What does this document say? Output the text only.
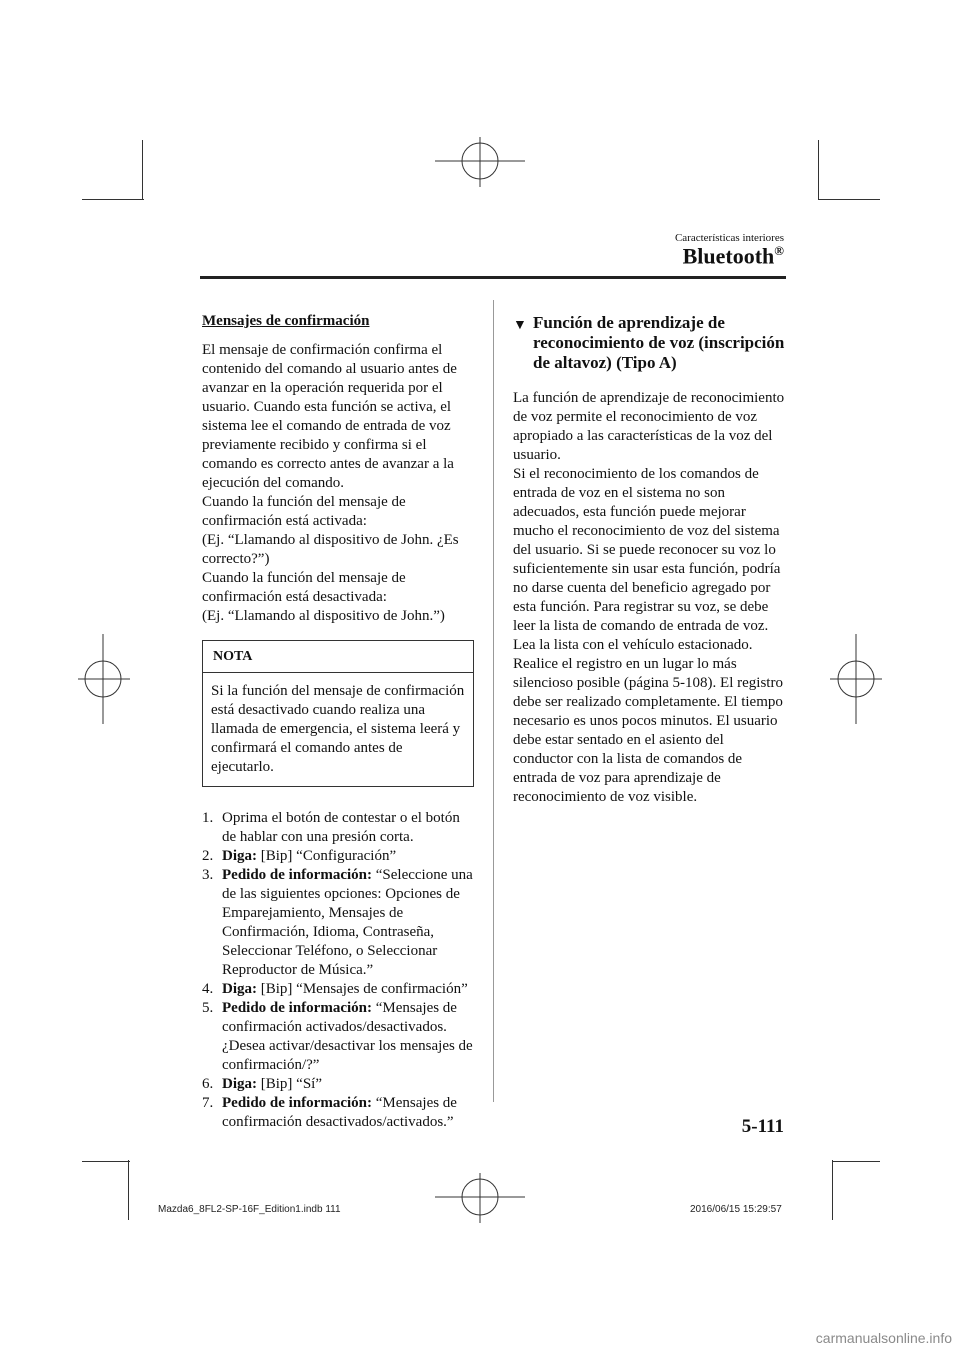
Características interiores
Bluetooth®
Mensajes de confirmación

El mensaje de confirmación confirma el contenido del comando al usuario antes de avanzar en la operación requerida por el usuario. Cuando esta función se activa, el sistema lee el comando de entrada de voz previamente recibido y confirma si el comando es correcto antes de avanzar a la ejecución del comando.

Cuando la función del mensaje de confirmación está activada:

(Ej. “Llamando al dispositivo de John. ¿Es correcto?”)

Cuando la función del mensaje de confirmación está desactivada:

(Ej. “Llamando al dispositivo de John.”)

NOTA
Si la función del mensaje de confirmación está desactivado cuando realiza una llamada de emergencia, el sistema leerá y confirmará el comando antes de ejecutarlo.
1. Oprima el botón de contestar o el botón de hablar con una presión corta.
2. Diga: [Bip] “Configuración”
3. Pedido de información: “Seleccione una de las siguientes opciones: Opciones de Emparejamiento, Mensajes de Confirmación, Idioma, Contraseña, Seleccionar Teléfono, o Seleccionar Reproductor de Música.”
4. Diga: [Bip] “Mensajes de confirmación”
5. Pedido de información: “Mensajes de confirmación activados/desactivados. ¿Desea activar/desactivar los mensajes de confirmación/?”
6. Diga: [Bip] “Sí”
7. Pedido de información: “Mensajes de confirmación desactivados/activados.”
▼ Función de aprendizaje de reconocimiento de voz (inscripción de altavoz) (Tipo A)

La función de aprendizaje de reconocimiento de voz permite el reconocimiento de voz apropiado a las características de la voz del usuario.

Si el reconocimiento de los comandos de entrada de voz en el sistema no son adecuados, esta función puede mejorar mucho el reconocimiento de voz del sistema del usuario. Si se puede reconocer su voz lo suficientemente sin usar esta función, podría no darse cuenta del beneficio agregado por esta función. Para registrar su voz, se debe leer la lista de comando de entrada de voz. Lea la lista con el vehículo estacionado. Realice el registro en un lugar lo más silencioso posible (página 5-108). El registro debe ser realizado completamente. El tiempo necesario es unos pocos minutos. El usuario debe estar sentado en el asiento del conductor con la lista de comandos de entrada de voz para aprendizaje de reconocimiento de voz visible.

5-111
Mazda6_8FL2-SP-16F_Edition1.indb 111	2016/06/15 15:29:57
carmanualsonline.info
